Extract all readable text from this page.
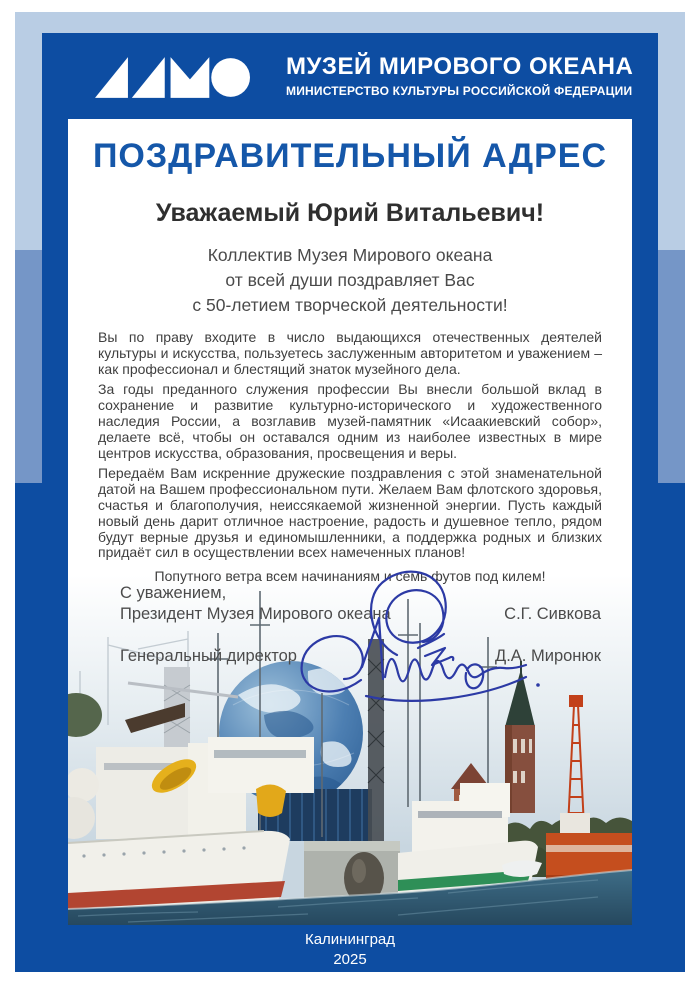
МУЗЕЙ МИРОВОГО ОКЕАНА
МИНИСТЕРСТВО КУЛЬТУРЫ РОССИЙСКОЙ ФЕДЕРАЦИИ
ПОЗДРАВИТЕЛЬНЫЙ АДРЕС
Уважаемый Юрий Витальевич!
Коллектив Музея Мирового океана
от всей души поздравляет Вас
с 50-летием творческой деятельности!

Вы по праву входите в число выдающихся отечественных деятелей культуры и искусства, пользуетесь заслуженным авторитетом и уважением – как профессионал и блестящий знаток музейного дела.

За годы преданного служения профессии Вы внесли большой вклад в сохранение и развитие культурно-исторического и художественного наследия России, а возглавив музей-памятник «Исаакиевский собор», делаете всё, чтобы он оставался одним из наиболее известных в мире центров искусства, образования, просвещения и веры.

Передаём Вам искренние дружеские поздравления с этой знаменательной датой на Вашем профессиональном пути. Желаем Вам флотского здоровья, счастья и благополучия, неиссякаемой жизненной энергии. Пусть каждый новый день дарит отличное настроение, радость и душевное тепло, рядом будут верные друзья и единомышленники, а поддержка родных и близких придаёт сил в осуществлении всех намеченных планов!

Попутного ветра всем начинаниям и семь футов под килем!
С уважением,
Президент Музея Мирового океана	С.Г. Сивкова
Генеральный директор	Д.А. Миронюк
Калининград
2025
